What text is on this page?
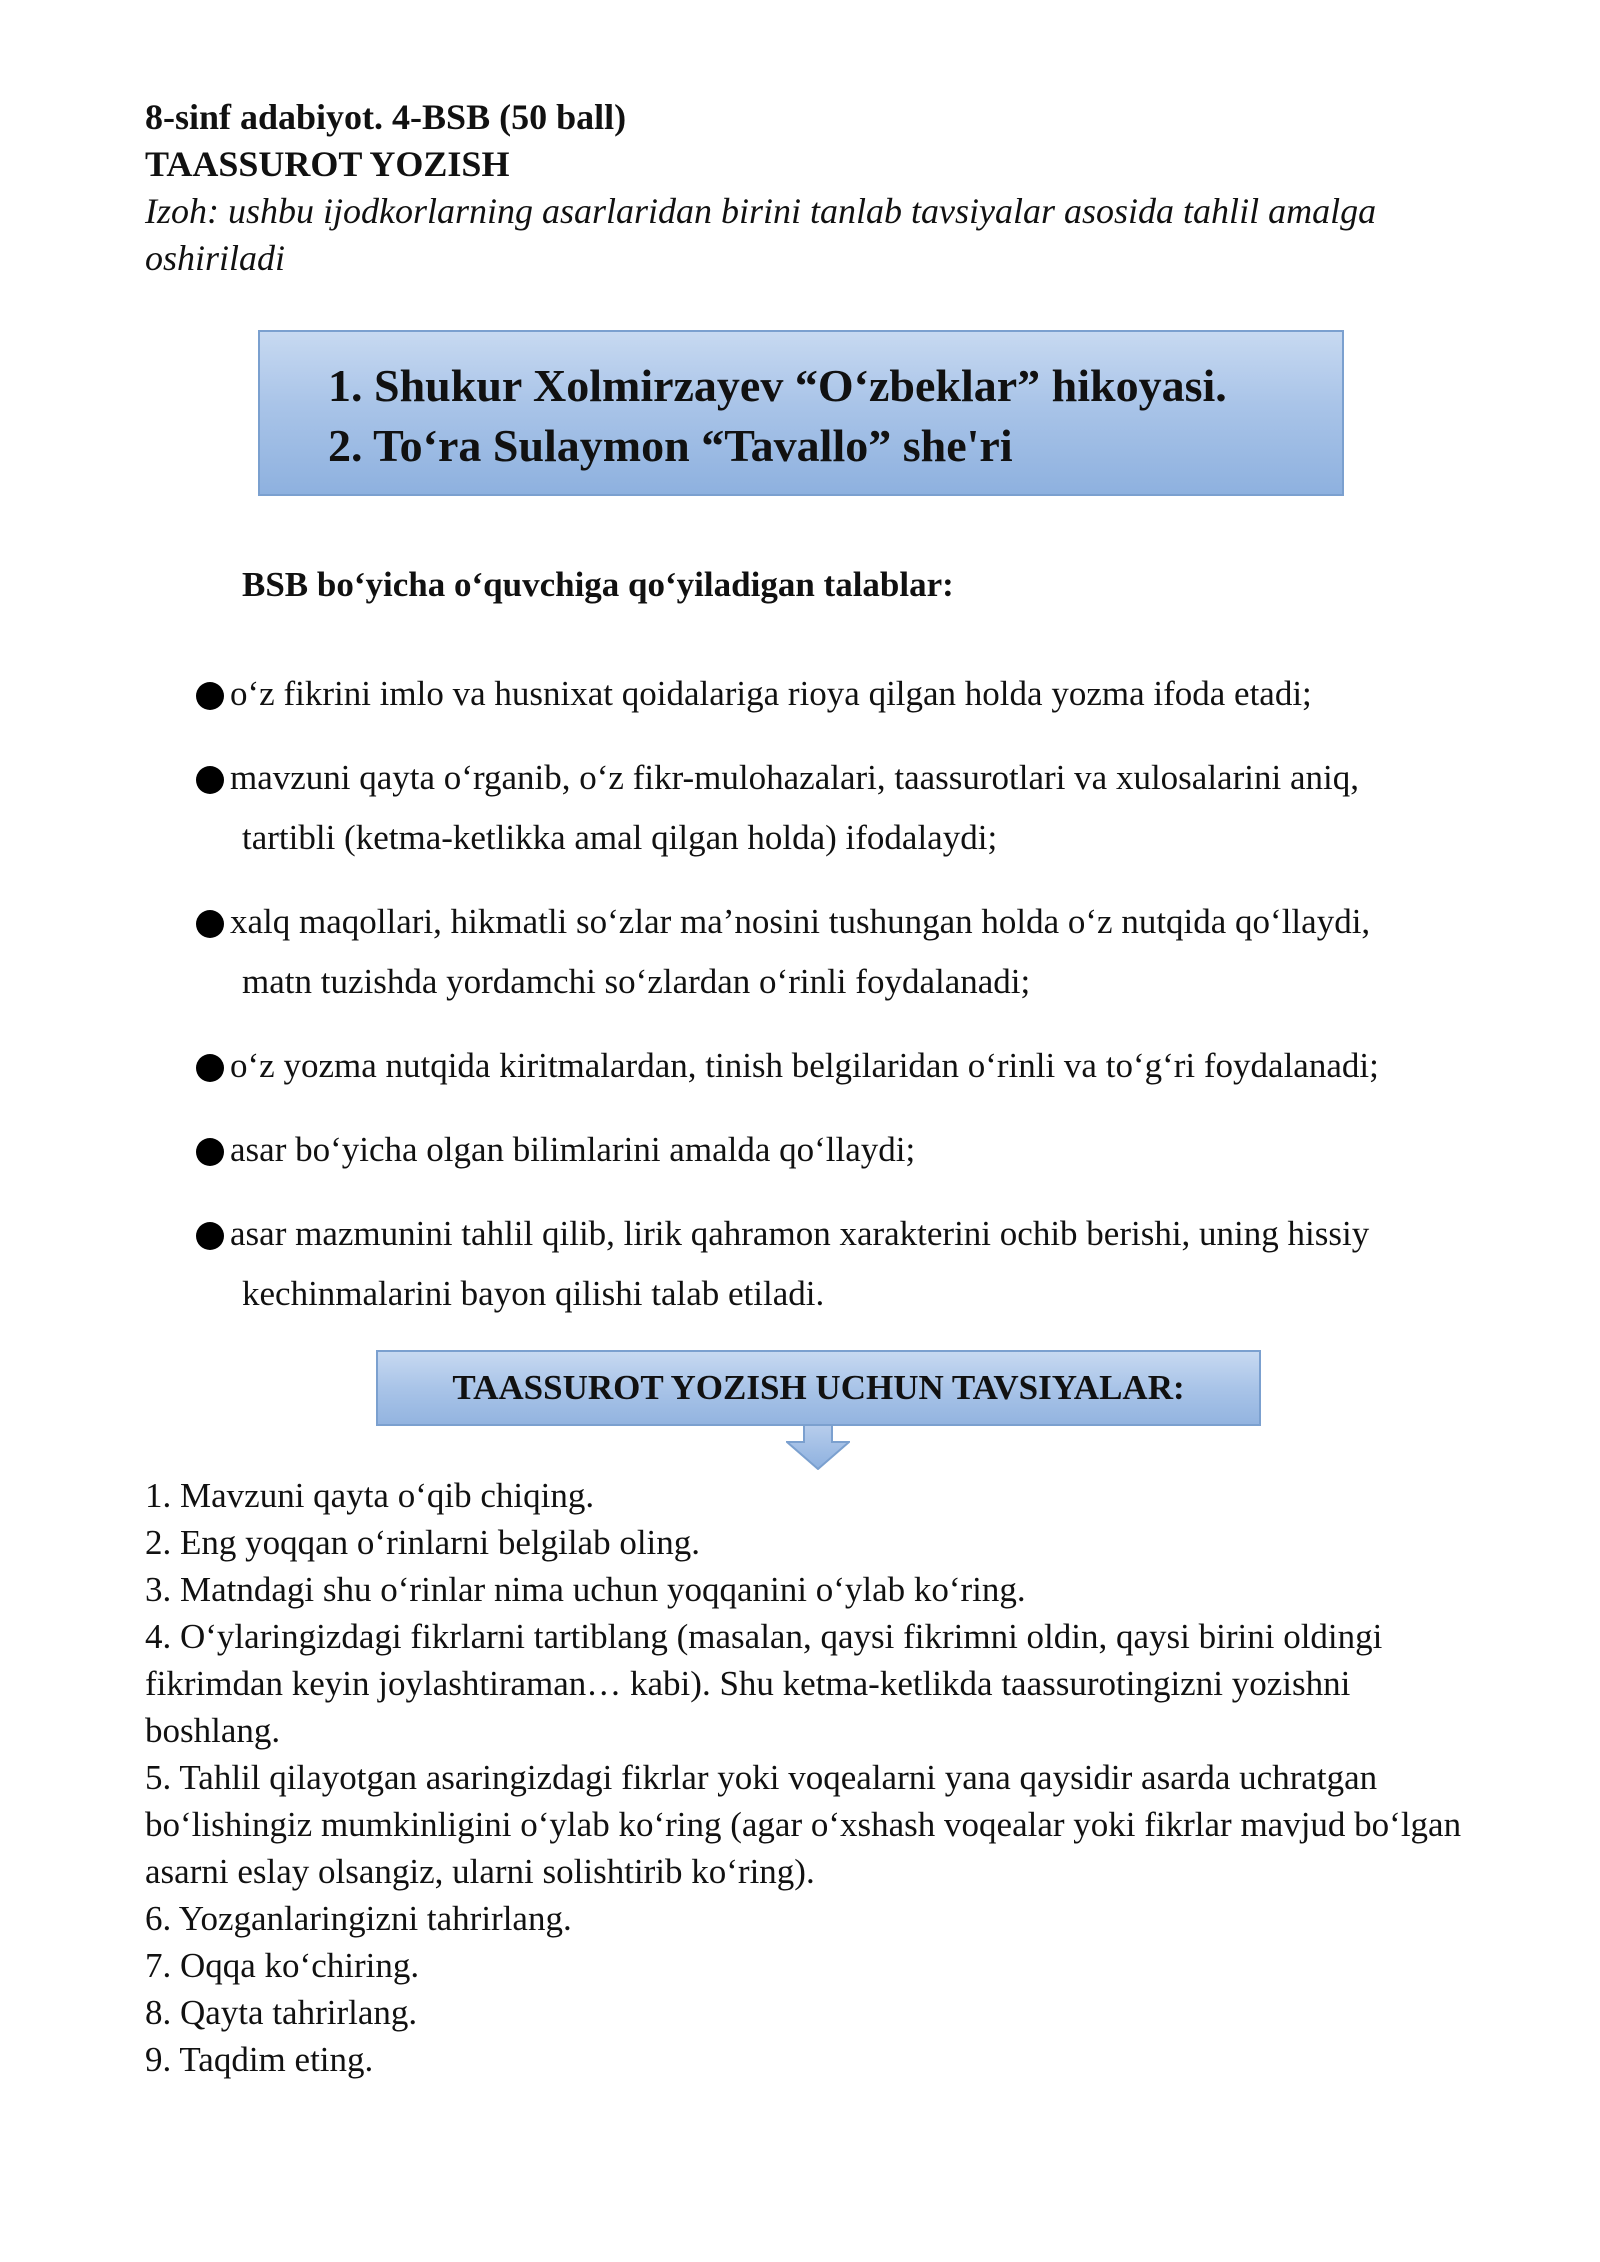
8-sinf adabiyot. 4-BSB (50 ball)
TAASSUROT YOZISH
Izoh: ushbu ijodkorlarning asarlaridan birini tanlab tavsiyalar asosida tahlil amalga oshiriladi
1. Shukur Xolmirzayev “O‘zbeklar” hikoyasi.
2. To‘ra Sulaymon “Tavallo” she'ri
BSB bo‘yicha o‘quvchiga qo‘yiladigan talablar:
o‘z fikrini imlo va husnixat qoidalariga rioya qilgan holda yozma ifoda etadi;
mavzuni qayta o‘rganib, o‘z fikr-mulohazalari, taassurotlari va xulosalarini aniq,
tartibli (ketma-ketlikka amal qilgan holda) ifodalaydi;
xalq maqollari, hikmatli so‘zlar ma’nosini tushungan holda o‘z nutqida qo‘llaydi,
matn tuzishda yordamchi so‘zlardan o‘rinli foydalanadi;
o‘z yozma nutqida kiritmalardan, tinish belgilaridan o‘rinli va to‘g‘ri foydalanadi;
asar bo‘yicha olgan bilimlarini amalda qo‘llaydi;
asar mazmunini tahlil qilib, lirik qahramon xarakterini ochib berishi, uning hissiy
kechinmalarini bayon qilishi talab etiladi.
TAASSUROT YOZISH UCHUN TAVSIYALAR:
1. Mavzuni qayta o‘qib chiqing.
2. Eng yoqqan o‘rinlarni belgilab oling.
3. Matndagi shu o‘rinlar nima uchun yoqqanini o‘ylab ko‘ring.
4. O‘ylaringizdagi fikrlarni tartiblang (masalan, qaysi fikrimni oldin, qaysi birini oldingi fikrimdan keyin joylashtiraman… kabi). Shu ketma-ketlikda taassurotingizni yozishni boshlang.
5. Tahlil qilayotgan asaringizdagi fikrlar yoki voqealarni yana qaysidir asarda uchratgan bo‘lishingiz mumkinligini o‘ylab ko‘ring (agar o‘xshash voqealar yoki fikrlar mavjud bo‘lgan asarni eslay olsangiz, ularni solishtirib ko‘ring).
6. Yozganlaringizni tahrirlang.
7. Oqqa ko‘chiring.
8. Qayta tahrirlang.
9. Taqdim eting.
